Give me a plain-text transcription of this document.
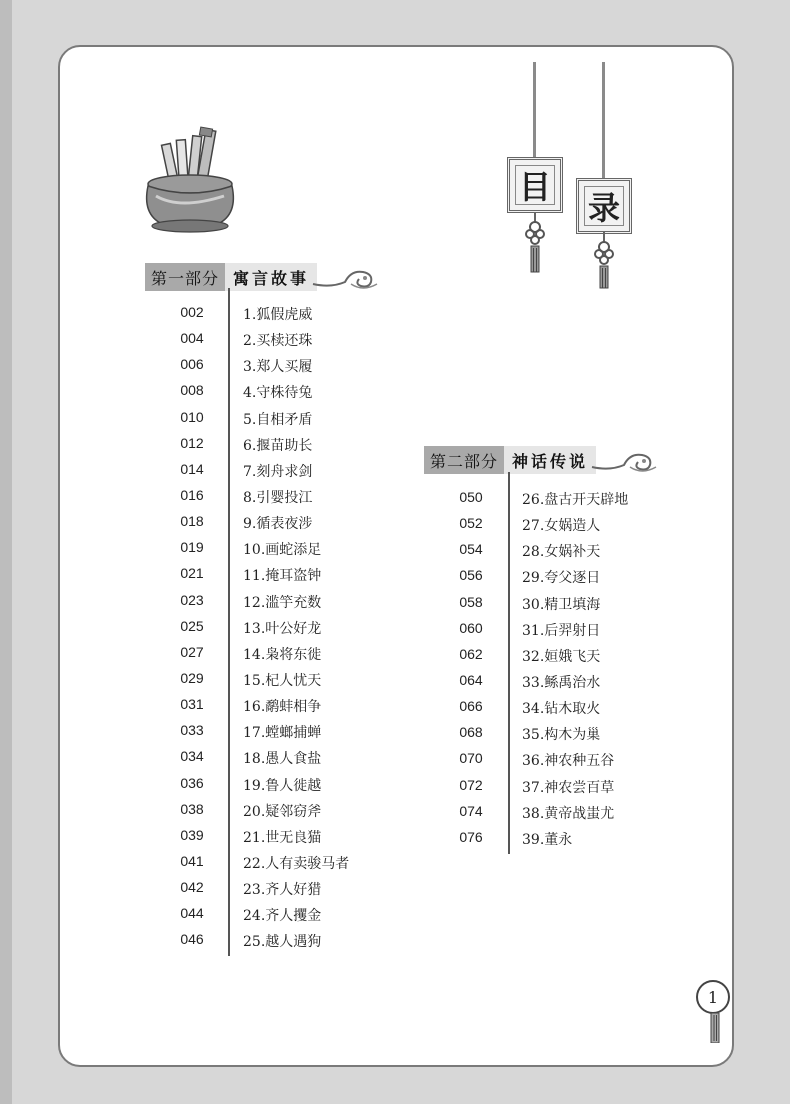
目
录
第一部分 寓言故事
002	1.狐假虎威
004	2.买椟还珠
006	3.郑人买履
008	4.守株待兔
010	5.自相矛盾
012	6.揠苗助长
014	7.刻舟求剑
016	8.引婴投江
018	9.循表夜涉
019	10.画蛇添足
021	11.掩耳盗钟
023	12.滥竽充数
025	13.叶公好龙
027	14.枭将东徙
029	15.杞人忧天
031	16.鹬蚌相争
033	17.螳螂捕蝉
034	18.愚人食盐
036	19.鲁人徙越
038	20.疑邻窃斧
039	21.世无良猫
041	22.人有卖骏马者
042	23.齐人好猎
044	24.齐人攫金
046	25.越人遇狗
第二部分 神话传说
050	26.盘古开天辟地
052	27.女娲造人
054	28.女娲补天
056	29.夸父逐日
058	30.精卫填海
060	31.后羿射日
062	32.姮娥飞天
064	33.鲧禹治水
066	34.钻木取火
068	35.构木为巢
070	36.神农种五谷
072	37.神农尝百草
074	38.黄帝战蚩尤
076	39.董永
1
